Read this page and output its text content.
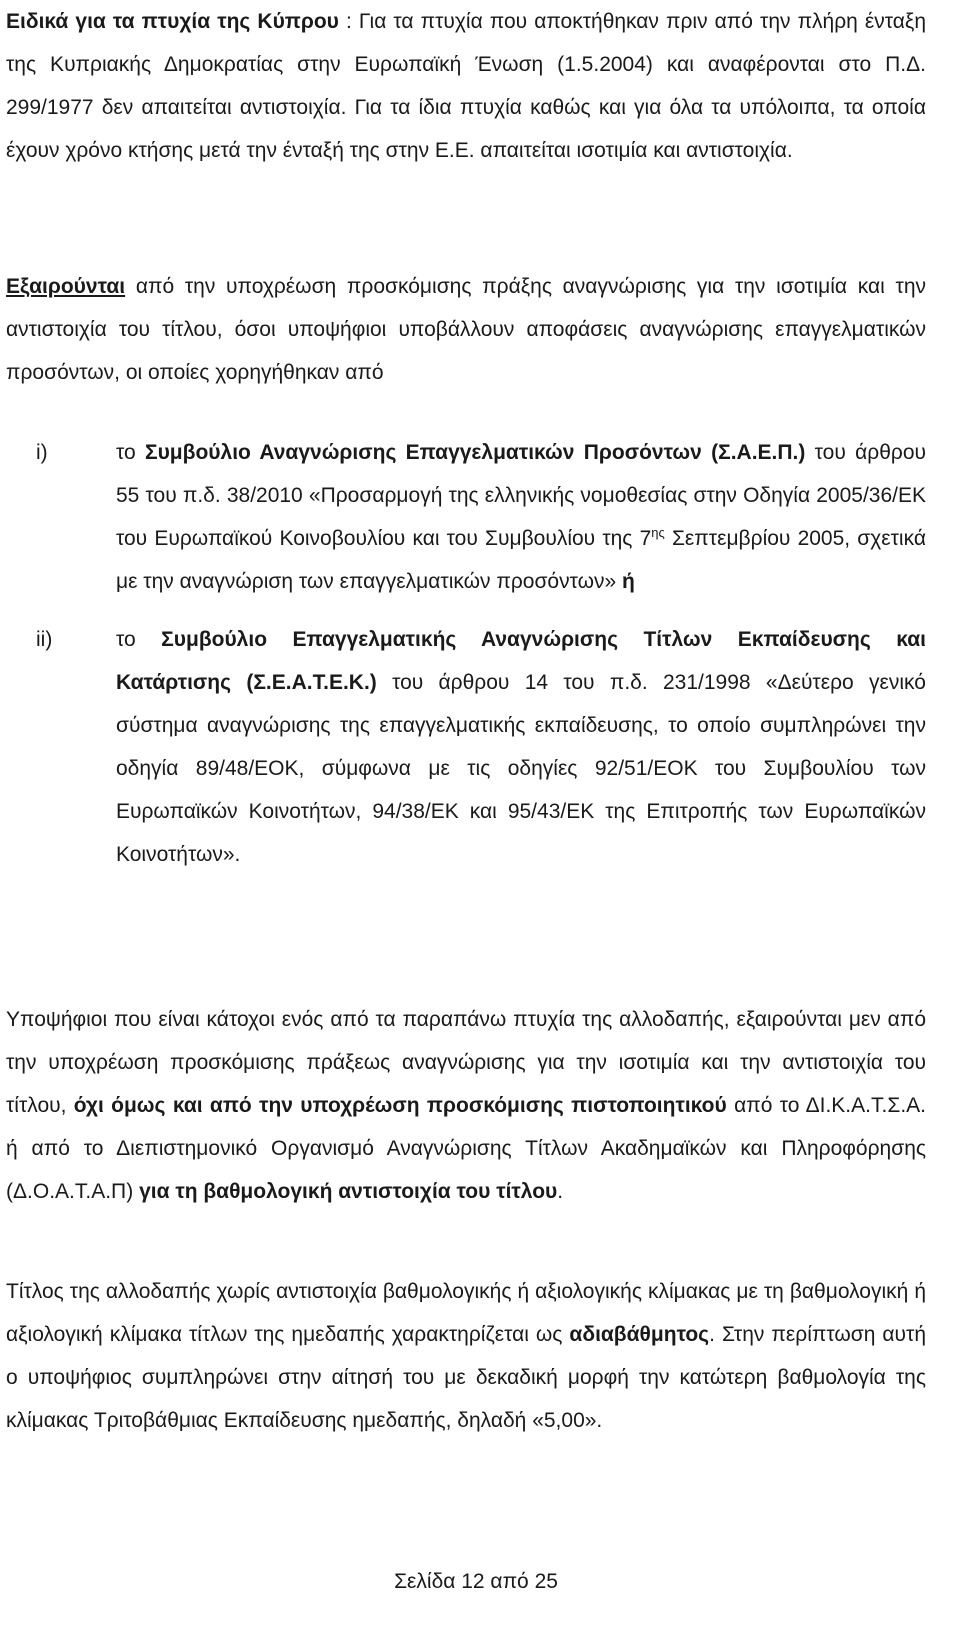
Ειδικά για τα πτυχία της Κύπρου : Για τα πτυχία που αποκτήθηκαν πριν από την πλήρη ένταξη της Κυπριακής Δημοκρατίας στην Ευρωπαϊκή Ένωση (1.5.2004) και αναφέρονται στο Π.Δ. 299/1977 δεν απαιτείται αντιστοιχία. Για τα ίδια πτυχία καθώς και για όλα τα υπόλοιπα, τα οποία έχουν χρόνο κτήσης μετά την ένταξή της στην Ε.Ε. απαιτείται ισοτιμία και αντιστοιχία.

Εξαιρούνται από την υποχρέωση προσκόμισης πράξης αναγνώρισης για την ισοτιμία και την αντιστοιχία του τίτλου, όσοι υποψήφιοι υποβάλλουν αποφάσεις αναγνώρισης επαγγελματικών προσόντων, οι οποίες χορηγήθηκαν από

i)	το Συμβούλιο Αναγνώρισης Επαγγελματικών Προσόντων (Σ.Α.Ε.Π.) του άρθρου 55 του π.δ. 38/2010 «Προσαρμογή της ελληνικής νομοθεσίας στην Οδηγία 2005/36/ΕΚ του Ευρωπαϊκού Κοινοβουλίου και του Συμβουλίου της $7^{\eta\varsigma}$ Σεπτεμβρίου 2005, σχετικά με την αναγνώριση των επαγγελματικών προσόντων» ή

ii)	το Συμβούλιο Επαγγελματικής Αναγνώρισης Τίτλων Εκπαίδευσης και Κατάρτισης (Σ.Ε.Α.Τ.Ε.Κ.) του άρθρου 14 του π.δ. 231/1998 «Δεύτερο γενικό σύστημα αναγνώρισης της επαγγελματικής εκπαίδευσης, το οποίο συμπληρώνει την οδηγία 89/48/ΕΟΚ, σύμφωνα με τις οδηγίες 92/51/ΕΟΚ του Συμβουλίου των Ευρωπαϊκών Κοινοτήτων, 94/38/ΕΚ και 95/43/ΕΚ της Επιτροπής των Ευρωπαϊκών Κοινοτήτων».

Υποψήφιοι που είναι κάτοχοι ενός από τα παραπάνω πτυχία της αλλοδαπής, εξαιρούνται μεν από την υποχρέωση προσκόμισης πράξεως αναγνώρισης για την ισοτιμία και την αντιστοιχία του τίτλου, όχι όμως και από την υποχρέωση προσκόμισης πιστοποιητικού από το ΔΙ.Κ.Α.Τ.Σ.Α. ή από το Διεπιστημονικό Οργανισμό Αναγνώρισης Τίτλων Ακαδημαϊκών και Πληροφόρησης (Δ.Ο.Α.Τ.Α.Π) για τη βαθμολογική αντιστοιχία του τίτλου.

Τίτλος της αλλοδαπής χωρίς αντιστοιχία βαθμολογικής ή αξιολογικής κλίμακας με τη βαθμολογική ή αξιολογική κλίμακα τίτλων της ημεδαπής χαρακτηρίζεται ως αδιαβάθμητος. Στην περίπτωση αυτή ο υποψήφιος συμπληρώνει στην αίτησή του με δεκαδική μορφή την κατώτερη βαθμολογία της κλίμακας Τριτοβάθμιας Εκπαίδευσης ημεδαπής, δηλαδή «5,00».

Σελίδα 12 από 25
